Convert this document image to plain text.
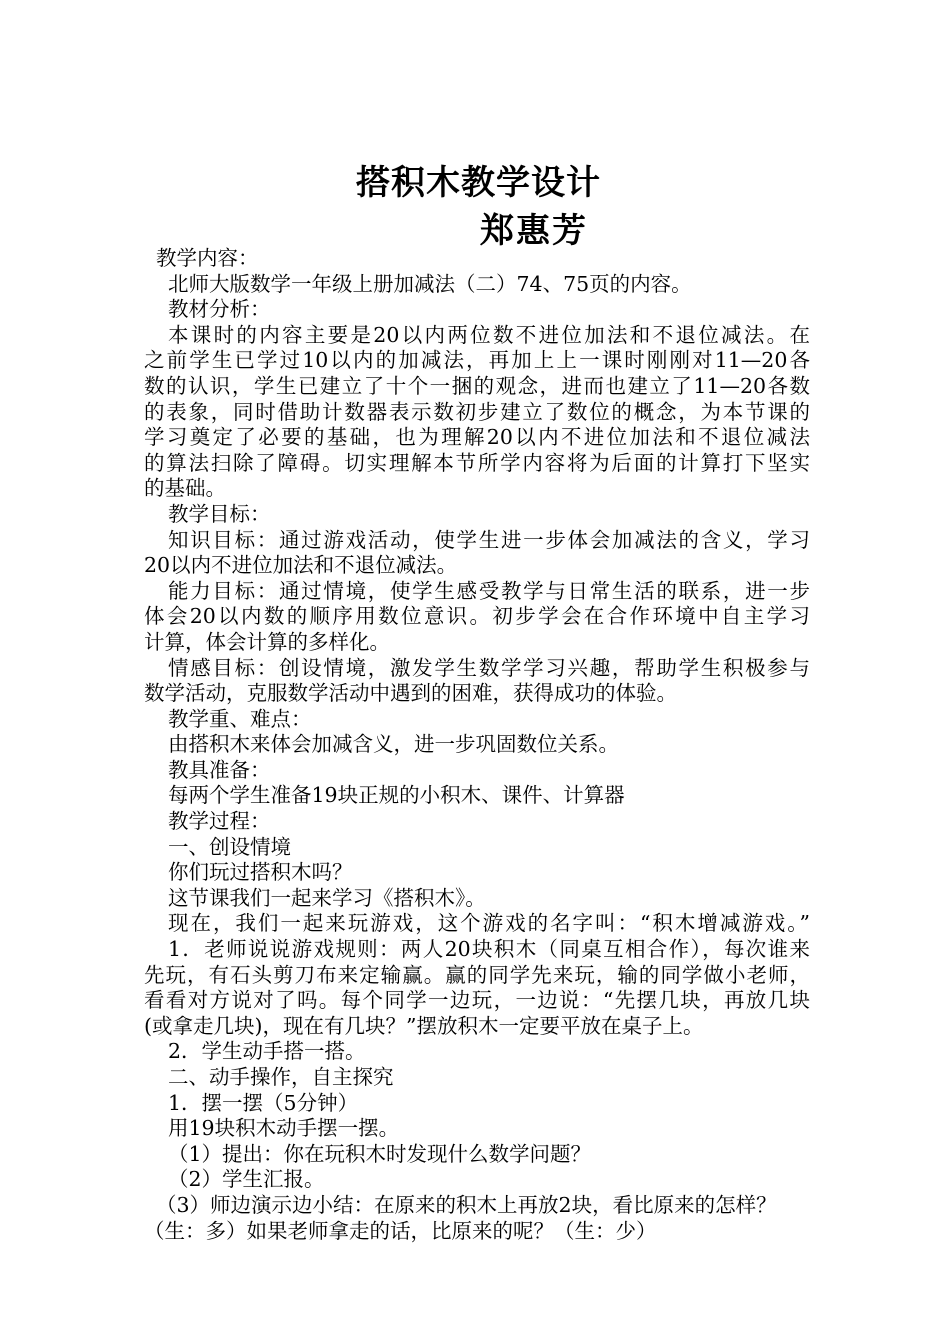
搭积木教学设计
郑惠芳

教学内容：

北师大版数学一年级上册加减法（二）74、75页的内容。

教材分析：

本课时的内容主要是20以内两位数不进位加法和不退位减法。在

之前学生已学过10以内的加减法，再加上上一课时刚刚对11—20各

数的认识，学生已建立了十个一捆的观念，进而也建立了11—20各数

的表象，同时借助计数器表示数初步建立了数位的概念，为本节课的

学习奠定了必要的基础，也为理解20以内不进位加法和不退位减法

的算法扫除了障碍。切实理解本节所学内容将为后面的计算打下坚实

的基础。

教学目标：

知识目标：通过游戏活动，使学生进一步体会加减法的含义，学习

20以内不进位加法和不退位减法。

能力目标：通过情境，使学生感受教学与日常生活的联系，进一步

体会20以内数的顺序用数位意识。初步学会在合作环境中自主学习

计算，体会计算的多样化。

情感目标：创设情境，激发学生数学学习兴趣，帮助学生积极参与

数学活动，克服数学活动中遇到的困难，获得成功的体验。

教学重、难点：

由搭积木来体会加减含义，进一步巩固数位关系。

教具准备：

每两个学生准备19块正规的小积木、课件、计算器

教学过程：

一、创设情境

你们玩过搭积木吗？

这节课我们一起来学习《搭积木》。

现在，我们一起来玩游戏，这个游戏的名字叫：“积木增减游戏。”

1．老师说说游戏规则：两人20块积木（同桌互相合作），每次谁来

先玩，有石头剪刀布来定输赢。赢的同学先来玩，输的同学做小老师，

看看对方说对了吗。每个同学一边玩，一边说：“先摆几块，再放几块

(或拿走几块)，现在有几块？”摆放积木一定要平放在桌子上。

2．学生动手搭一搭。

二、动手操作，自主探究

1．摆一摆（5分钟）

用19块积木动手摆一摆。

（1）提出：你在玩积木时发现什么数学问题？

（2）学生汇报。

（3）师边演示边小结：在原来的积木上再放2块，看比原来的怎样？

（生：多）如果老师拿走的话，比原来的呢？（生：少）
